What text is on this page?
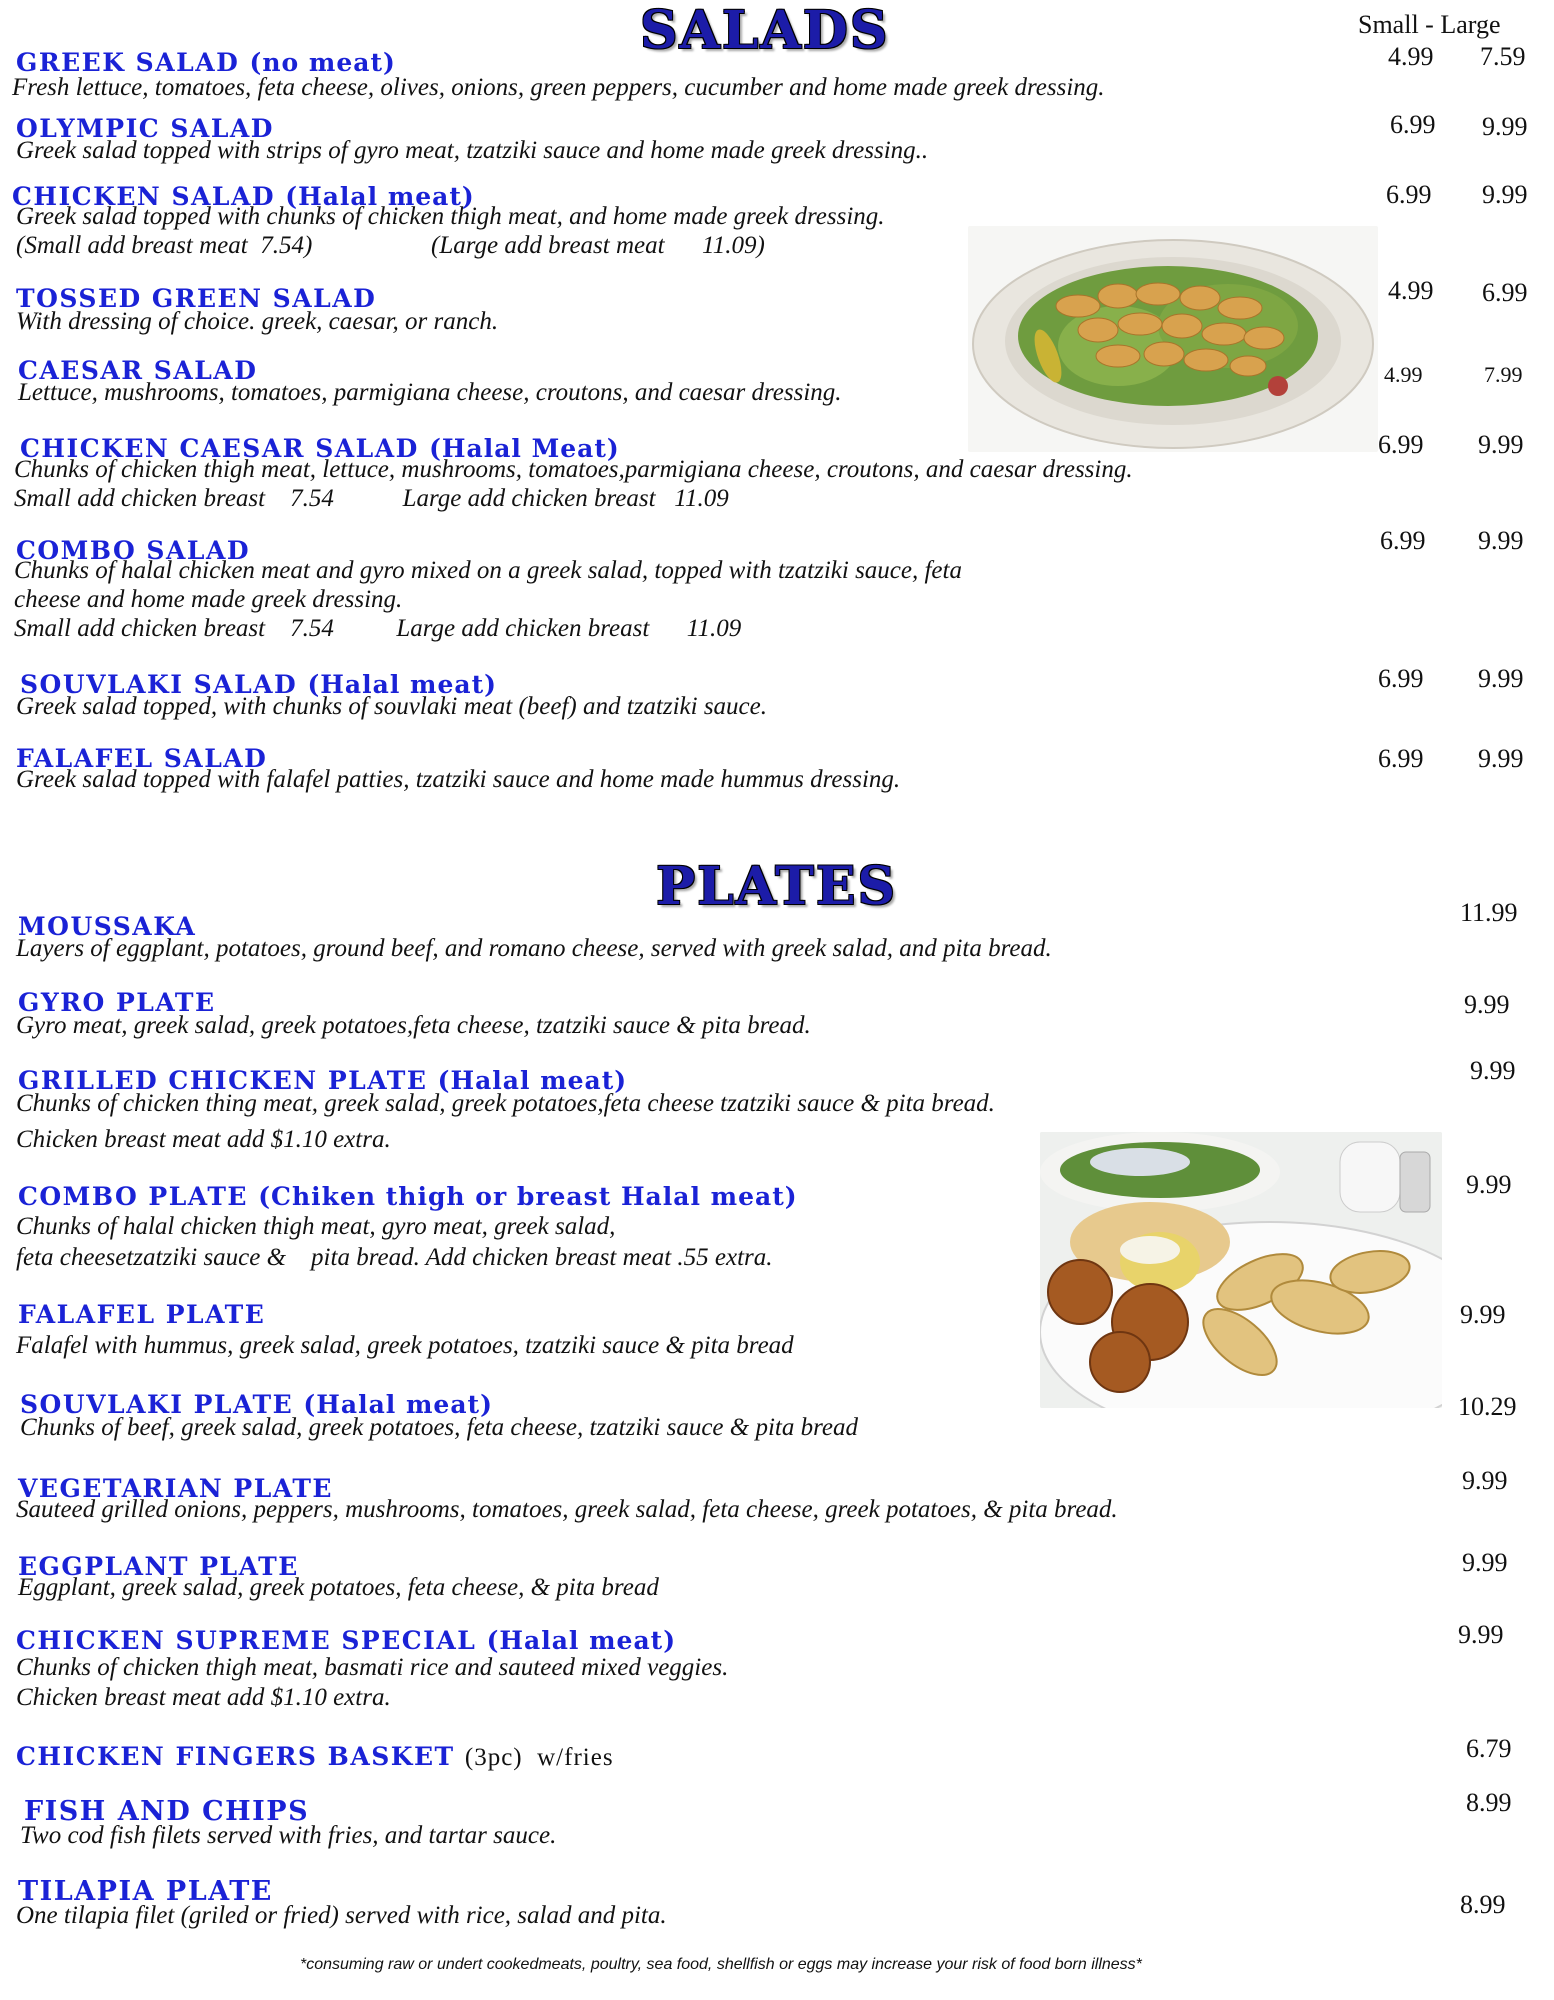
SALADS	Small - Large
GREEK SALAD (no meat)
Fresh lettuce, tomatoes, feta cheese, olives, onions, green peppers, cucumber and home made greek dressing.
4.99 7.59
OLYMPIC SALAD
Greek salad topped with strips of gyro meat, tzatziki sauce and home made greek dressing..
6.99 9.99
CHICKEN SALAD (Halal meat)
Greek salad topped with chunks of chicken thigh meat, and home made greek dressing.
(Small add breast meat  7.54)                   (Large add breast meat      11.09)
6.99 9.99
TOSSED GREEN SALAD
With dressing of choice. greek, caesar, or ranch.
4.99 6.99
CAESAR SALAD
Lettuce, mushrooms, tomatoes, parmigiana cheese, croutons, and caesar dressing.
4.99	7.99
CHICKEN CAESAR SALAD (Halal Meat)
Chunks of chicken thigh meat, lettuce, mushrooms, tomatoes,parmigiana cheese, croutons, and caesar dressing.
Small add chicken breast    7.54           Large add chicken breast   11.09
6.99 9.99
COMBO SALAD
Chunks of halal chicken meat and gyro mixed on a greek salad, topped with tzatziki sauce, feta
cheese and home made greek dressing.
Small add chicken breast    7.54          Large add chicken breast      11.09
6.99 9.99
SOUVLAKI SALAD (Halal meat)
Greek salad topped, with chunks of souvlaki meat (beef) and tzatziki sauce.
6.99 9.99
FALAFEL SALAD
Greek salad topped with falafel patties, tzatziki sauce and home made hummus dressing.
6.99 9.99
PLATES
MOUSSAKA
Layers of eggplant, potatoes, ground beef, and romano cheese, served with greek salad, and pita bread.
11.99
GYRO PLATE
Gyro meat, greek salad, greek potatoes,feta cheese, tzatziki sauce & pita bread.
9.99
GRILLED CHICKEN PLATE (Halal meat)
Chunks of chicken thing meat, greek salad, greek potatoes,feta cheese tzatziki sauce & pita bread.
Chicken breast meat add $1.10 extra.
9.99
COMBO PLATE (Chiken thigh or breast Halal meat)
Chunks of halal chicken thigh meat, gyro meat, greek salad,
feta cheesetzatziki sauce &    pita bread. Add chicken breast meat .55 extra.
9.99
FALAFEL PLATE
Falafel with hummus, greek salad, greek potatoes, tzatziki sauce & pita bread
9.99
SOUVLAKI PLATE (Halal meat)
Chunks of beef, greek salad, greek potatoes, feta cheese, tzatziki sauce & pita bread
10.29
VEGETARIAN PLATE
Sauteed grilled onions, peppers, mushrooms, tomatoes, greek salad, feta cheese, greek potatoes, & pita bread.
9.99
EGGPLANT PLATE
Eggplant, greek salad, greek potatoes, feta cheese, & pita bread
9.99
CHICKEN SUPREME SPECIAL (Halal meat)
Chunks of chicken thigh meat, basmati rice and sauteed mixed veggies.
Chicken breast meat add $1.10 extra.
9.99
CHICKEN FINGERS BASKET (3pc)  w/fries	6.79
FISH AND CHIPS
Two cod fish filets served with fries, and tartar sauce.
8.99
TILAPIA PLATE
One tilapia filet (griled or fried) served with rice, salad and pita.	8.99
*consuming raw or undert cookedmeats, poultry, sea food, shellfish or eggs may increase your risk of food born illness*
